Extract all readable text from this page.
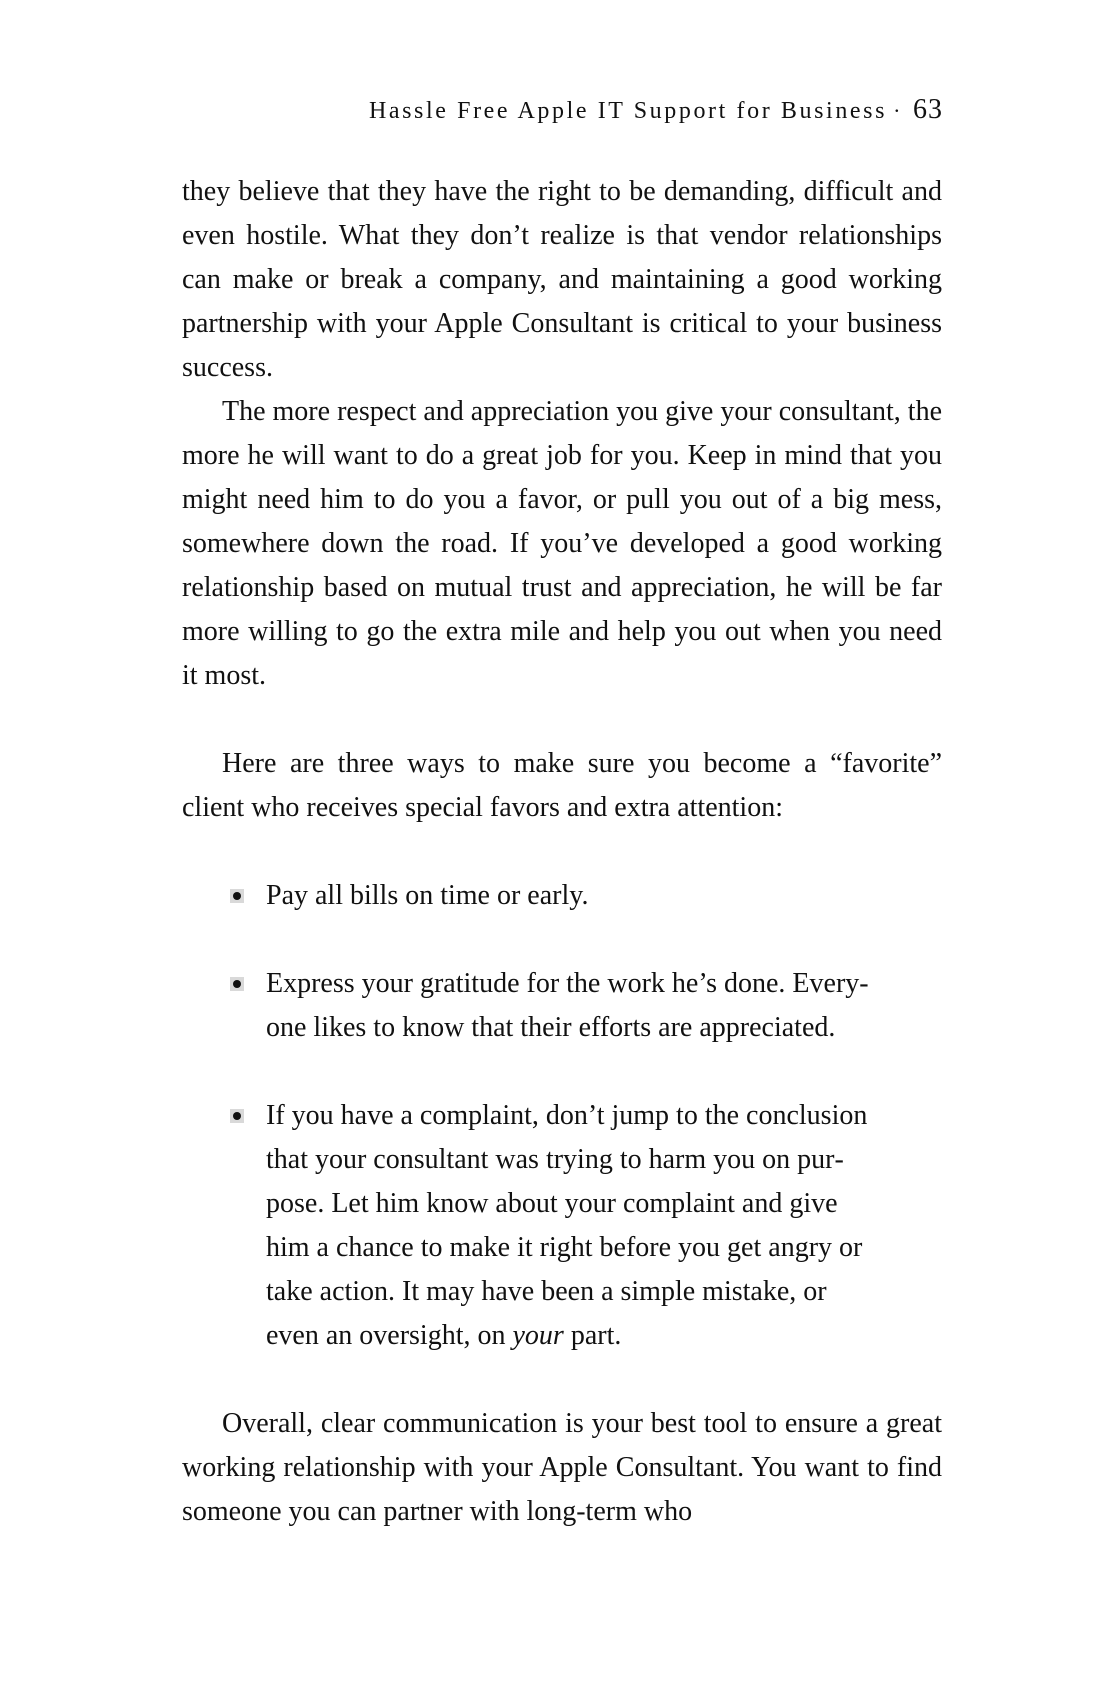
Hassle Free Apple IT Support for Business · 63

they believe that they have the right to be demanding, difficult and even hostile. What they don’t realize is that vendor relationships can make or break a company, and maintaining a good working partnership with your Apple Consultant is critical to your business success.

The more respect and appreciation you give your consultant, the more he will want to do a great job for you. Keep in mind that you might need him to do you a favor, or pull you out of a big mess, somewhere down the road. If you’ve developed a good working relationship based on mutual trust and appreciation, he will be far more willing to go the extra mile and help you out when you need it most.

Here are three ways to make sure you become a “favorite” client who receives special favors and extra attention:

Pay all bills on time or early.
Express your gratitude for the work he’s done. Everyone likes to know that their efforts are appreciated.
If you have a complaint, don’t jump to the conclusion that your consultant was trying to harm you on purpose. Let him know about your complaint and give him a chance to make it right before you get angry or take action. It may have been a simple mistake, or even an oversight, on your part.

Overall, clear communication is your best tool to ensure a great working relationship with your Apple Consultant. You want to find someone you can partner with long-term who
